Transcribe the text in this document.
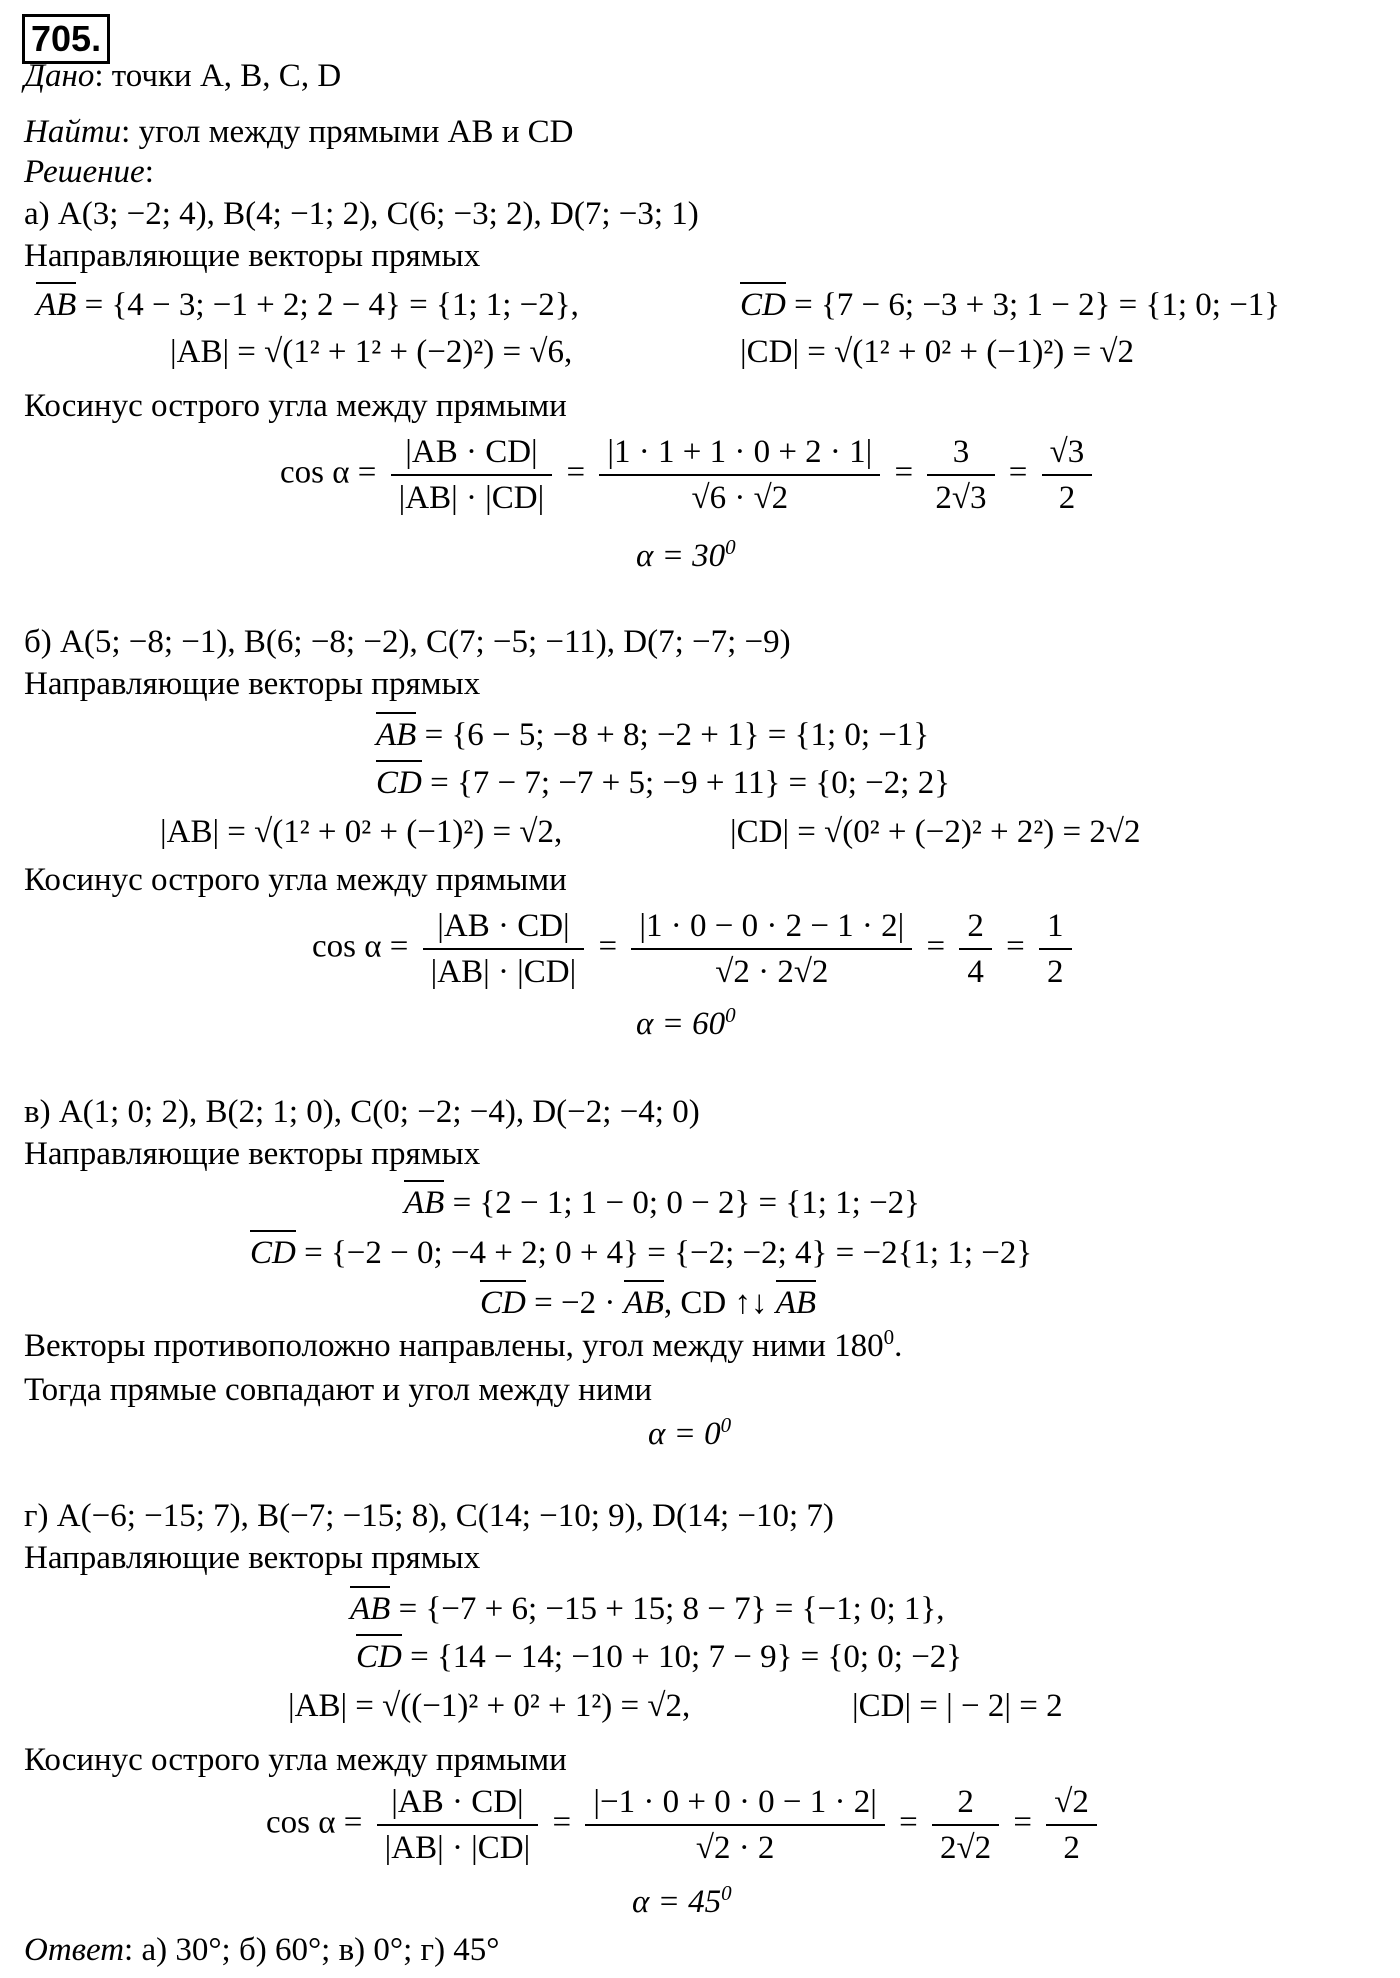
705.
Дано: точки A, B, C, D
Найти: угол между прямыми AB и CD
Решение:
а) A(3; −2; 4), B(4; −1; 2), C(6; −3; 2), D(7; −3; 1)
Направляющие векторы прямых
AB = {4 − 3; −1 + 2; 2 − 4} = {1; 1; −2},	CD = {7 − 6; −3 + 3; 1 − 2} = {1; 0; −1}
|AB| = √(1² + 1² + (−2)²) = √6,	|CD| = √(1² + 0² + (−1)²) = √2
Косинус острого угла между прямыми
$\cos \alpha = \frac{|AB \cdot CD|}{|AB| \cdot |CD|} = \frac{|1 \cdot 1 + 1 \cdot 0 + 2 \cdot 1|}{√6 \cdot √2} = \frac{3}{2√3} = \frac{√3}{2}$
$\alpha = 30^0$
б) A(5; −8; −1), B(6; −8; −2), C(7; −5; −11), D(7; −7; −9)
Направляющие векторы прямых
AB = {6 − 5; −8 + 8; −2 + 1} = {1; 0; −1}
CD = {7 − 7; −7 + 5; −9 + 11} = {0; −2; 2}
|AB| = √(1² + 0² + (−1)²) = √2,	|CD| = √(0² + (−2)² + 2²) = 2√2
Косинус острого угла между прямыми
$\cos \alpha = \frac{|AB \cdot CD|}{|AB| \cdot |CD|} = \frac{|1 \cdot 0 - 0 \cdot 2 - 1 \cdot 2|}{√2 \cdot 2√2} = \frac{2}{4} = \frac{1}{2}$
$\alpha = 60^0$
в) A(1; 0; 2), B(2; 1; 0), C(0; −2; −4), D(−2; −4; 0)
Направляющие векторы прямых
AB = {2 − 1; 1 − 0; 0 − 2} = {1; 1; −2}
CD = {−2 − 0; −4 + 2; 0 + 4} = {−2; −2; 4} = −2{1; 1; −2}
CD = −2 · AB, CD ↑↓ AB
Векторы противоположно направлены, угол между ними $180^0$.
Тогда прямые совпадают и угол между ними
$\alpha = 0^0$
г) A(−6; −15; 7), B(−7; −15; 8), C(14; −10; 9), D(14; −10; 7)
Направляющие векторы прямых
AB = {−7 + 6; −15 + 15; 8 − 7} = {−1; 0; 1},
CD = {14 − 14; −10 + 10; 7 − 9} = {0; 0; −2}
|AB| = √((−1)² + 0² + 1²) = √2,	|CD| = | − 2| = 2
Косинус острого угла между прямыми
$\cos \alpha = \frac{|AB \cdot CD|}{|AB| \cdot |CD|} = \frac{|-1 \cdot 0 + 0 \cdot 0 - 1 \cdot 2|}{√2 \cdot 2} = \frac{2}{2√2} = \frac{√2}{2}$
$\alpha = 45^0$
Ответ: а) 30°; б) 60°; в) 0°; г) 45°
